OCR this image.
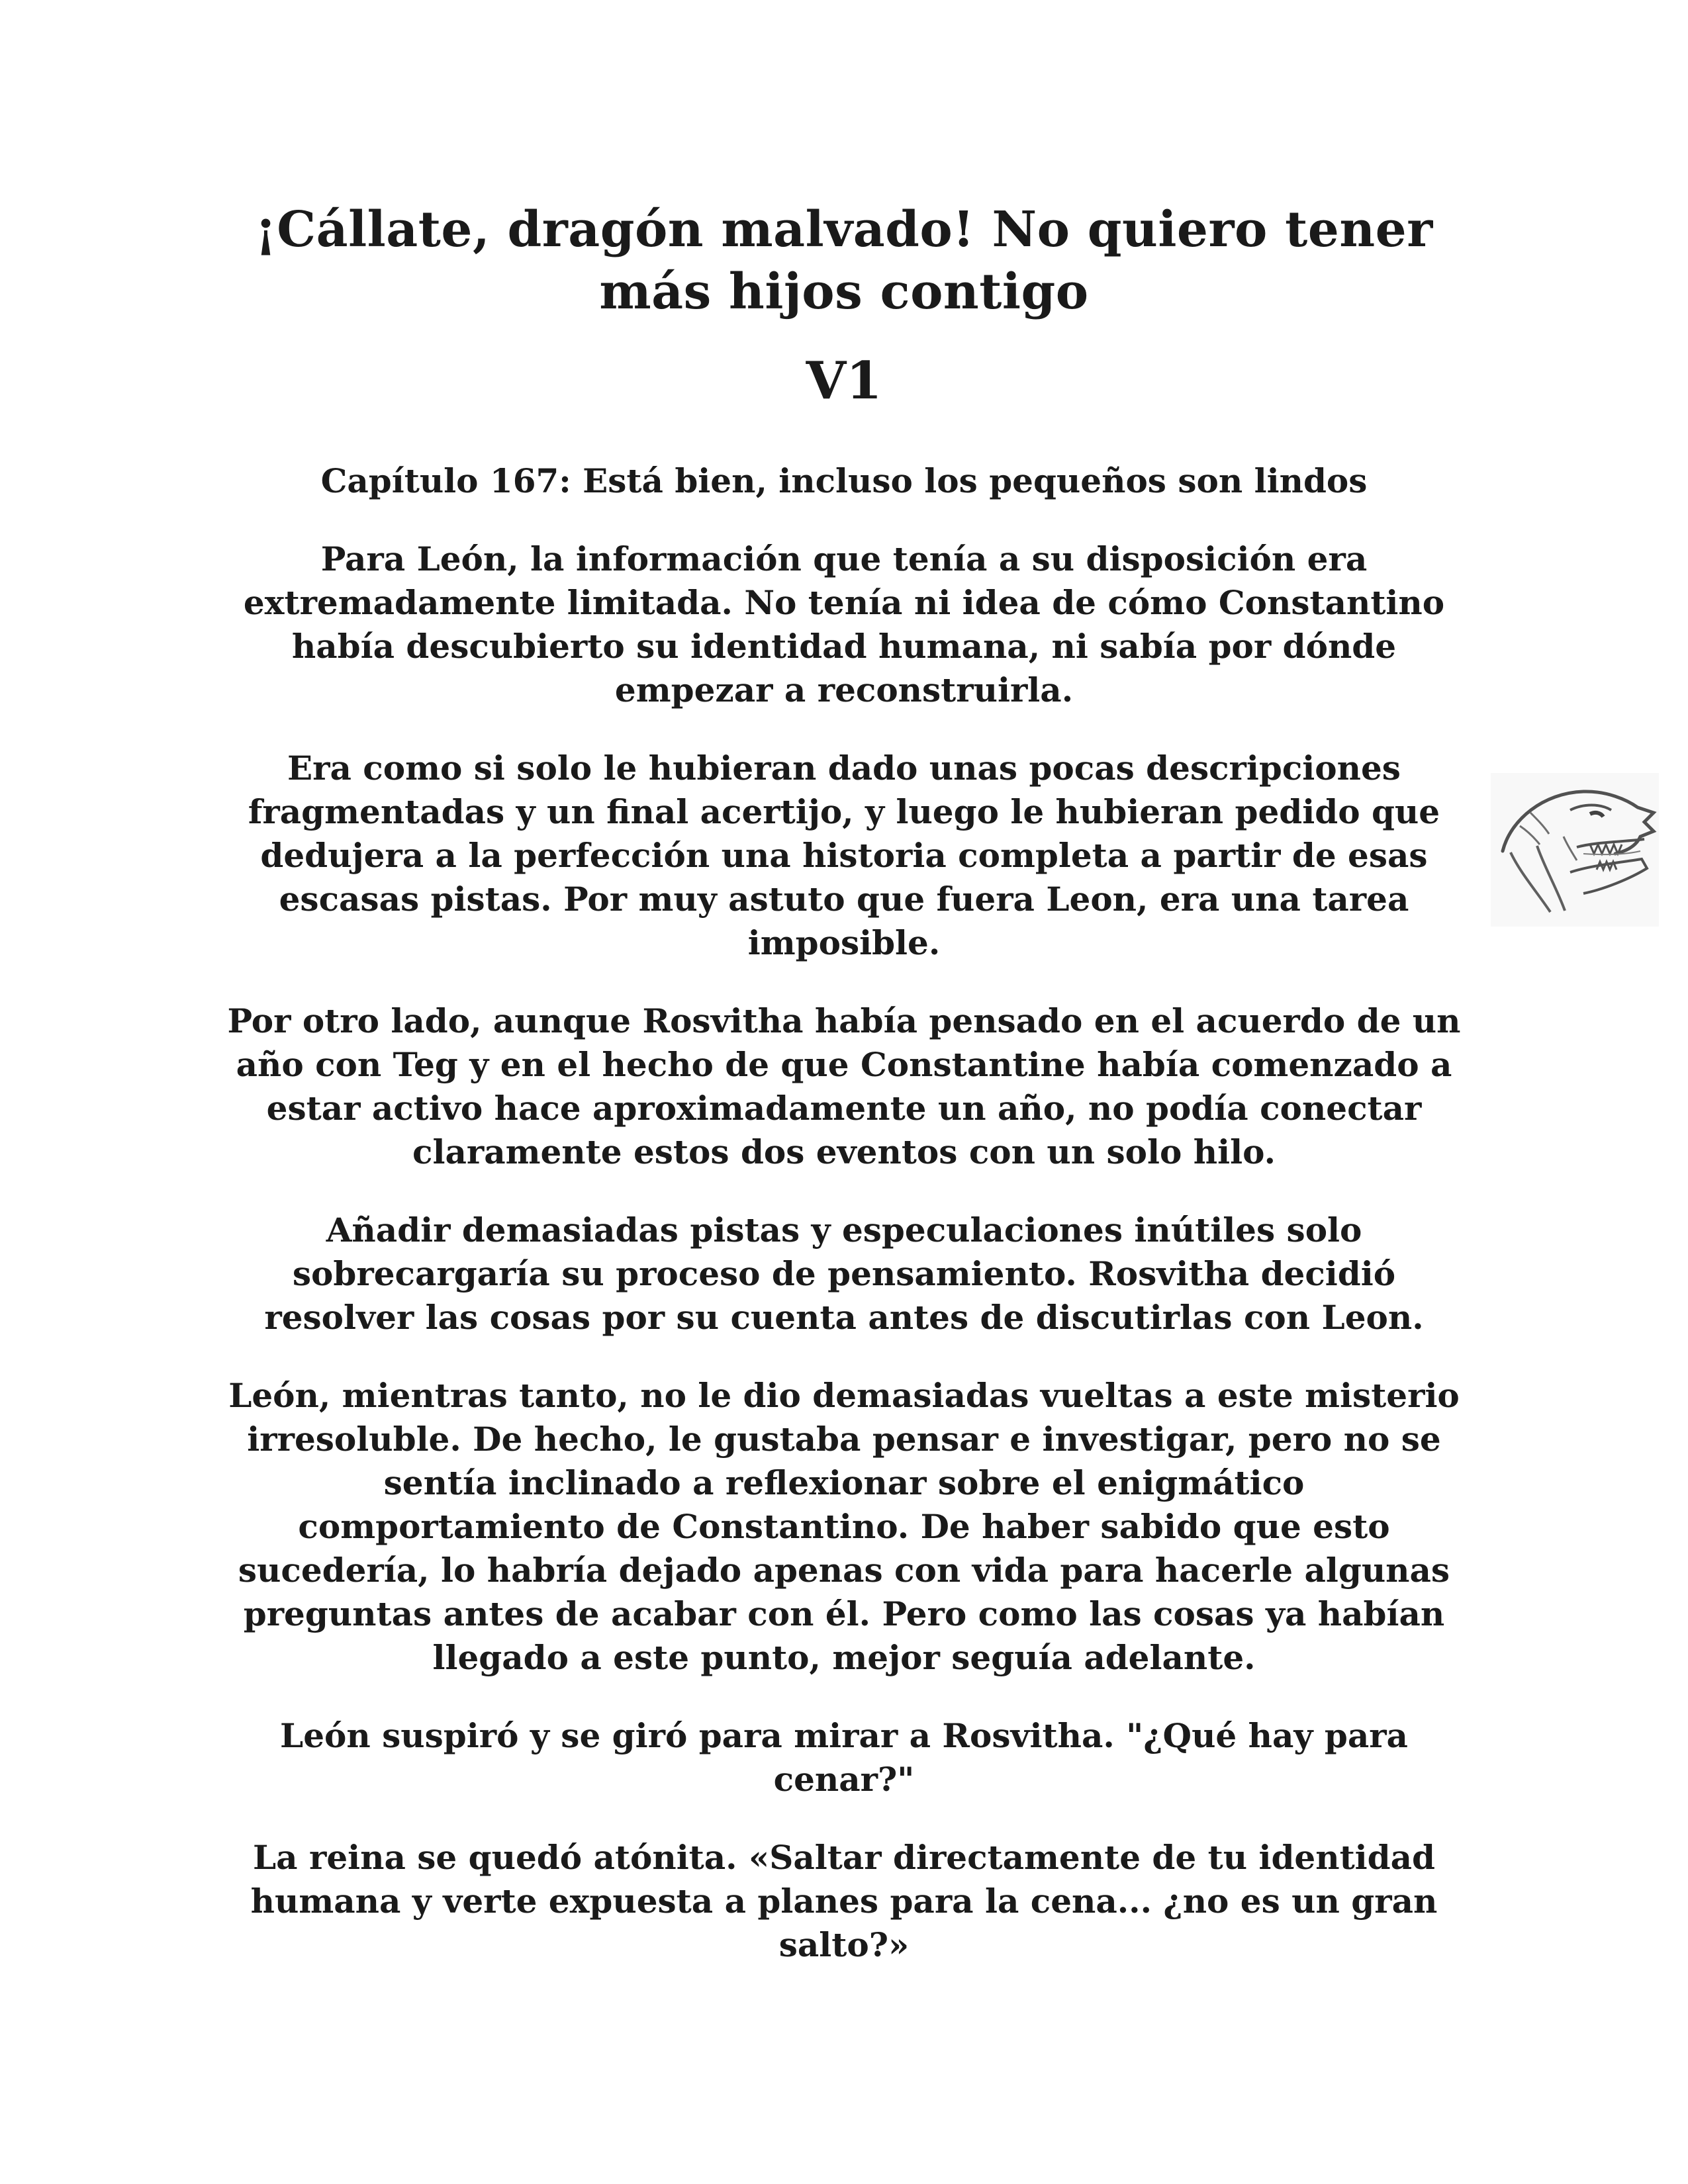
¡Cállate, dragón malvado! No quiero tener más hijos contigo
V1
Capítulo 167: Está bien, incluso los pequeños son lindos

Para León, la información que tenía a su disposición era extremadamente limitada. No tenía ni idea de cómo Constantino había descubierto su identidad humana, ni sabía por dónde empezar a reconstruirla.

Era como si solo le hubieran dado unas pocas descripciones fragmentadas y un final acertijo, y luego le hubieran pedido que dedujera a la perfección una historia completa a partir de esas escasas pistas. Por muy astuto que fuera Leon, era una tarea imposible.

Por otro lado, aunque Rosvitha había pensado en el acuerdo de un año con Teg y en el hecho de que Constantine había comenzado a estar activo hace aproximadamente un año, no podía conectar claramente estos dos eventos con un solo hilo.

Añadir demasiadas pistas y especulaciones inútiles solo sobrecargaría su proceso de pensamiento. Rosvitha decidió resolver las cosas por su cuenta antes de discutirlas con Leon.

León, mientras tanto, no le dio demasiadas vueltas a este misterio irresoluble. De hecho, le gustaba pensar e investigar, pero no se sentía inclinado a reflexionar sobre el enigmático comportamiento de Constantino. De haber sabido que esto sucedería, lo habría dejado apenas con vida para hacerle algunas preguntas antes de acabar con él. Pero como las cosas ya habían llegado a este punto, mejor seguía adelante.

León suspiró y se giró para mirar a Rosvitha. "¿Qué hay para cenar?"

La reina se quedó atónita. «Saltar directamente de tu identidad humana y verte expuesta a planes para la cena... ¿no es un gran salto?»
